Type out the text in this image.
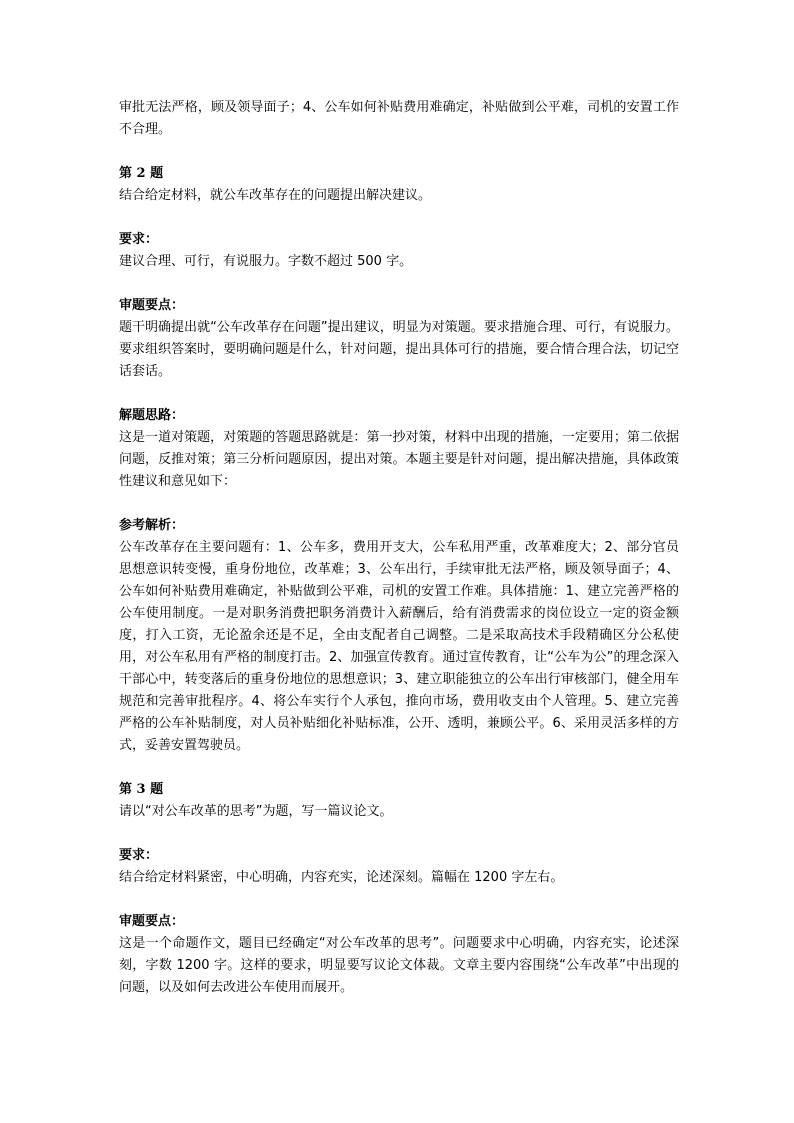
审批无法严格，顾及领导面子；4、公车如何补贴费用难确定，补贴做到公平难，司机的安置工作不合理。

第 2 题

结合给定材料，就公车改革存在的问题提出解决建议。

要求：

建议合理、可行，有说服力。字数不超过 500 字。

审题要点：

题干明确提出就“公车改革存在问题”提出建议，明显为对策题。要求措施合理、可行，有说服力。要求组织答案时，要明确问题是什么，针对问题，提出具体可行的措施，要合情合理合法，切记空话套话。

解题思路：

这是一道对策题，对策题的答题思路就是：第一抄对策，材料中出现的措施，一定要用；第二依据问题，反推对策；第三分析问题原因，提出对策。本题主要是针对问题，提出解决措施，具体政策性建议和意见如下：

参考解析：

公车改革存在主要问题有：1、公车多，费用开支大，公车私用严重，改革难度大；2、部分官员思想意识转变慢，重身份地位，改革难；3、公车出行，手续审批无法严格，顾及领导面子；4、公车如何补贴费用难确定，补贴做到公平难，司机的安置工作难。具体措施：1、建立完善严格的公车使用制度。一是对职务消费把职务消费计入薪酬后，给有消费需求的岗位设立一定的资金额度，打入工资，无论盈余还是不足，全由支配者自己调整。二是采取高技术手段精确区分公私使用，对公车私用有严格的制度打击。2、加强宣传教育。通过宣传教育，让“公车为公”的理念深入干部心中，转变落后的重身份地位的思想意识；3、建立职能独立的公车出行审核部门，健全用车规范和完善审批程序。4、将公车实行个人承包，推向市场，费用收支由个人管理。5、建立完善严格的公车补贴制度，对人员补贴细化补贴标准，公开、透明，兼顾公平。6、采用灵活多样的方式，妥善安置驾驶员。

第 3 题

请以“对公车改革的思考”为题，写一篇议论文。

要求：

结合给定材料紧密，中心明确，内容充实，论述深刻。篇幅在 1200 字左右。

审题要点：

这是一个命题作文，题目已经确定“对公车改革的思考”。问题要求中心明确，内容充实，论述深刻，字数 1200 字。这样的要求，明显要写议论文体裁。文章主要内容围绕“公车改革”中出现的问题，以及如何去改进公车使用而展开。
